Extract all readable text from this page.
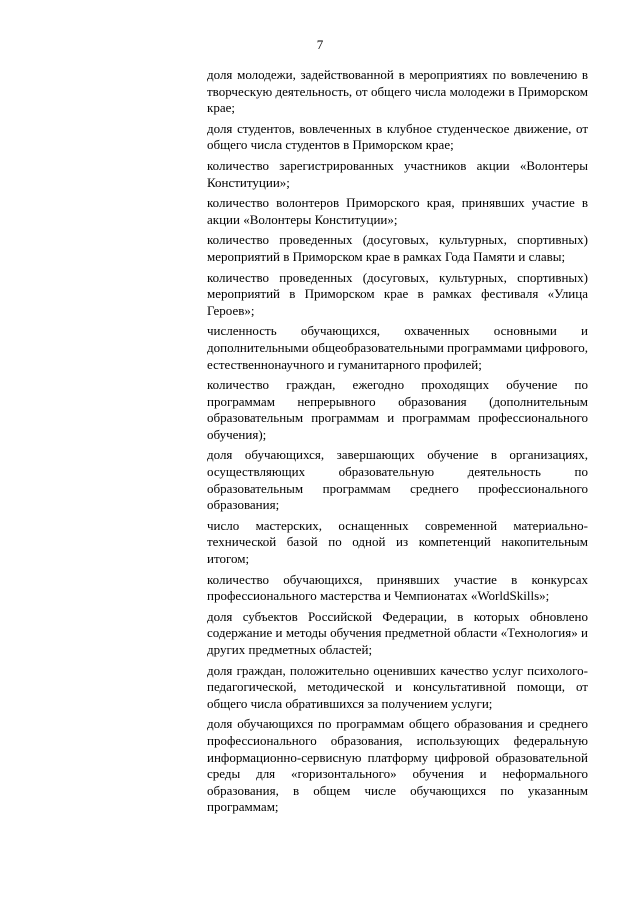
7

доля молодежи, задействованной в мероприятиях по вовлечению в творческую деятельность, от общего числа молодежи в Приморском крае;

доля студентов, вовлеченных в клубное студенческое движение, от общего числа студентов в Приморском крае;

количество зарегистрированных участников акции «Волонтеры Конституции»;

количество волонтеров Приморского края, принявших участие в акции «Волонтеры Конституции»;

количество проведенных (досуговых, культурных, спортивных) мероприятий в Приморском крае в рамках Года Памяти и славы;

количество проведенных (досуговых, культурных, спортивных) мероприятий в Приморском крае в рамках фестиваля «Улица Героев»;

численность обучающихся, охваченных основными и дополнительными общеобразовательными программами цифрового, естественнонаучного и гуманитарного профилей;

количество граждан, ежегодно проходящих обучение по программам непрерывного образования (дополнительным образовательным программам и программам профессионального обучения);

доля обучающихся, завершающих обучение в организациях, осуществляющих образовательную деятельность по образовательным программам среднего профессионального образования;

число мастерских, оснащенных современной материально-технической базой по одной из компетенций накопительным итогом;

количество обучающихся, принявших участие в конкурсах профессионального мастерства и Чемпионатах «WorldSkills»;

доля субъектов Российской Федерации, в которых обновлено содержание и методы обучения предметной области «Технология» и других предметных областей;

доля граждан, положительно оценивших качество услуг психолого-педагогической, методической и консультативной помощи, от общего числа обратившихся за получением услуги;

доля обучающихся по программам общего образования и среднего профессионального образования, использующих федеральную информационно-сервисную платформу цифровой образовательной среды для «горизонтального» обучения и неформального образования, в общем числе обучающихся по указанным программам;
